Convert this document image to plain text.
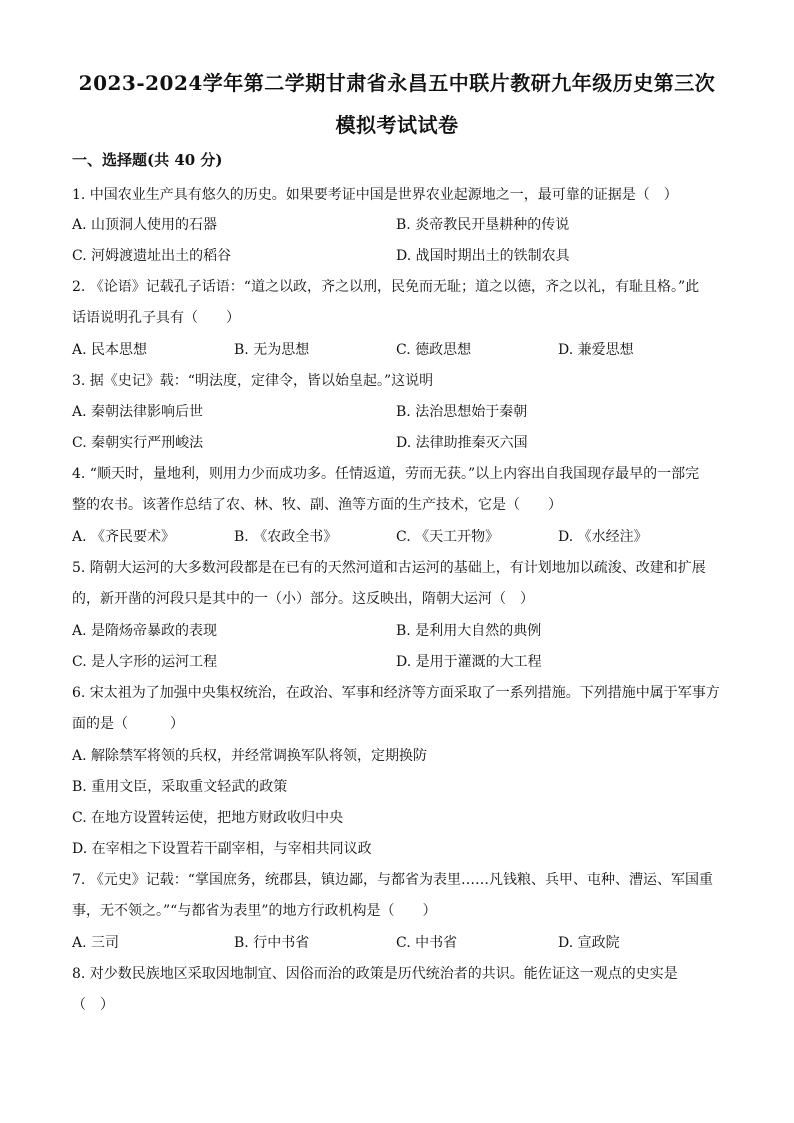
2023-2024学年第二学期甘肃省永昌五中联片教研九年级历史第三次
模拟考试试卷
一、选择题(共 40 分)
1. 中国农业生产具有悠久的历史。如果要考证中国是世界农业起源地之一，最可靠的证据是（　）
A. 山顶洞人使用的石器	B. 炎帝教民开垦耕种的传说
C. 河姆渡遗址出土的稻谷	D. 战国时期出土的铁制农具
2. 《论语》记载孔子话语：“道之以政，齐之以刑，民免而无耻；道之以德，齐之以礼，有耻且格。”此
话语说明孔子具有（　　）
A. 民本思想	B. 无为思想	C. 德政思想	D. 兼爱思想
3. 据《史记》载：“明法度，定律令，皆以始皇起。”这说明
A. 秦朝法律影响后世	B. 法治思想始于秦朝
C. 秦朝实行严刑峻法	D. 法律助推秦灭六国
4. “顺天时，量地利，则用力少而成功多。任情返道，劳而无获。”以上内容出自我国现存最早的一部完
整的农书。该著作总结了农、林、牧、副、渔等方面的生产技术，它是（　　）
A. 《齐民要术》	B. 《农政全书》	C. 《天工开物》	D. 《水经注》
5. 隋朝大运河的大多数河段都是在已有的天然河道和古运河的基础上，有计划地加以疏浚、改建和扩展
的，新开凿的河段只是其中的一（小）部分。这反映出，隋朝大运河（　）
A. 是隋炀帝暴政的表现	B. 是利用大自然的典例
C. 是人字形的运河工程	D. 是用于灌溉的大工程
6. 宋太祖为了加强中央集权统治，在政治、军事和经济等方面采取了一系列措施。下列措施中属于军事方
面的是（　　　）
A. 解除禁军将领的兵权，并经常调换军队将领，定期换防
B. 重用文臣，采取重文轻武的政策
C. 在地方设置转运使，把地方财政收归中央
D. 在宰相之下设置若干副宰相，与宰相共同议政
7. 《元史》记载：“掌国庶务，统郡县，镇边鄙，与都省为表里……凡钱粮、兵甲、屯种、漕运、军国重
事，无不领之。”“与都省为表里”的地方行政机构是（　　）
A. 三司	B. 行中书省	C. 中书省	D. 宣政院
8. 对少数民族地区采取因地制宜、因俗而治的政策是历代统治者的共识。能佐证这一观点的史实是
（　）
